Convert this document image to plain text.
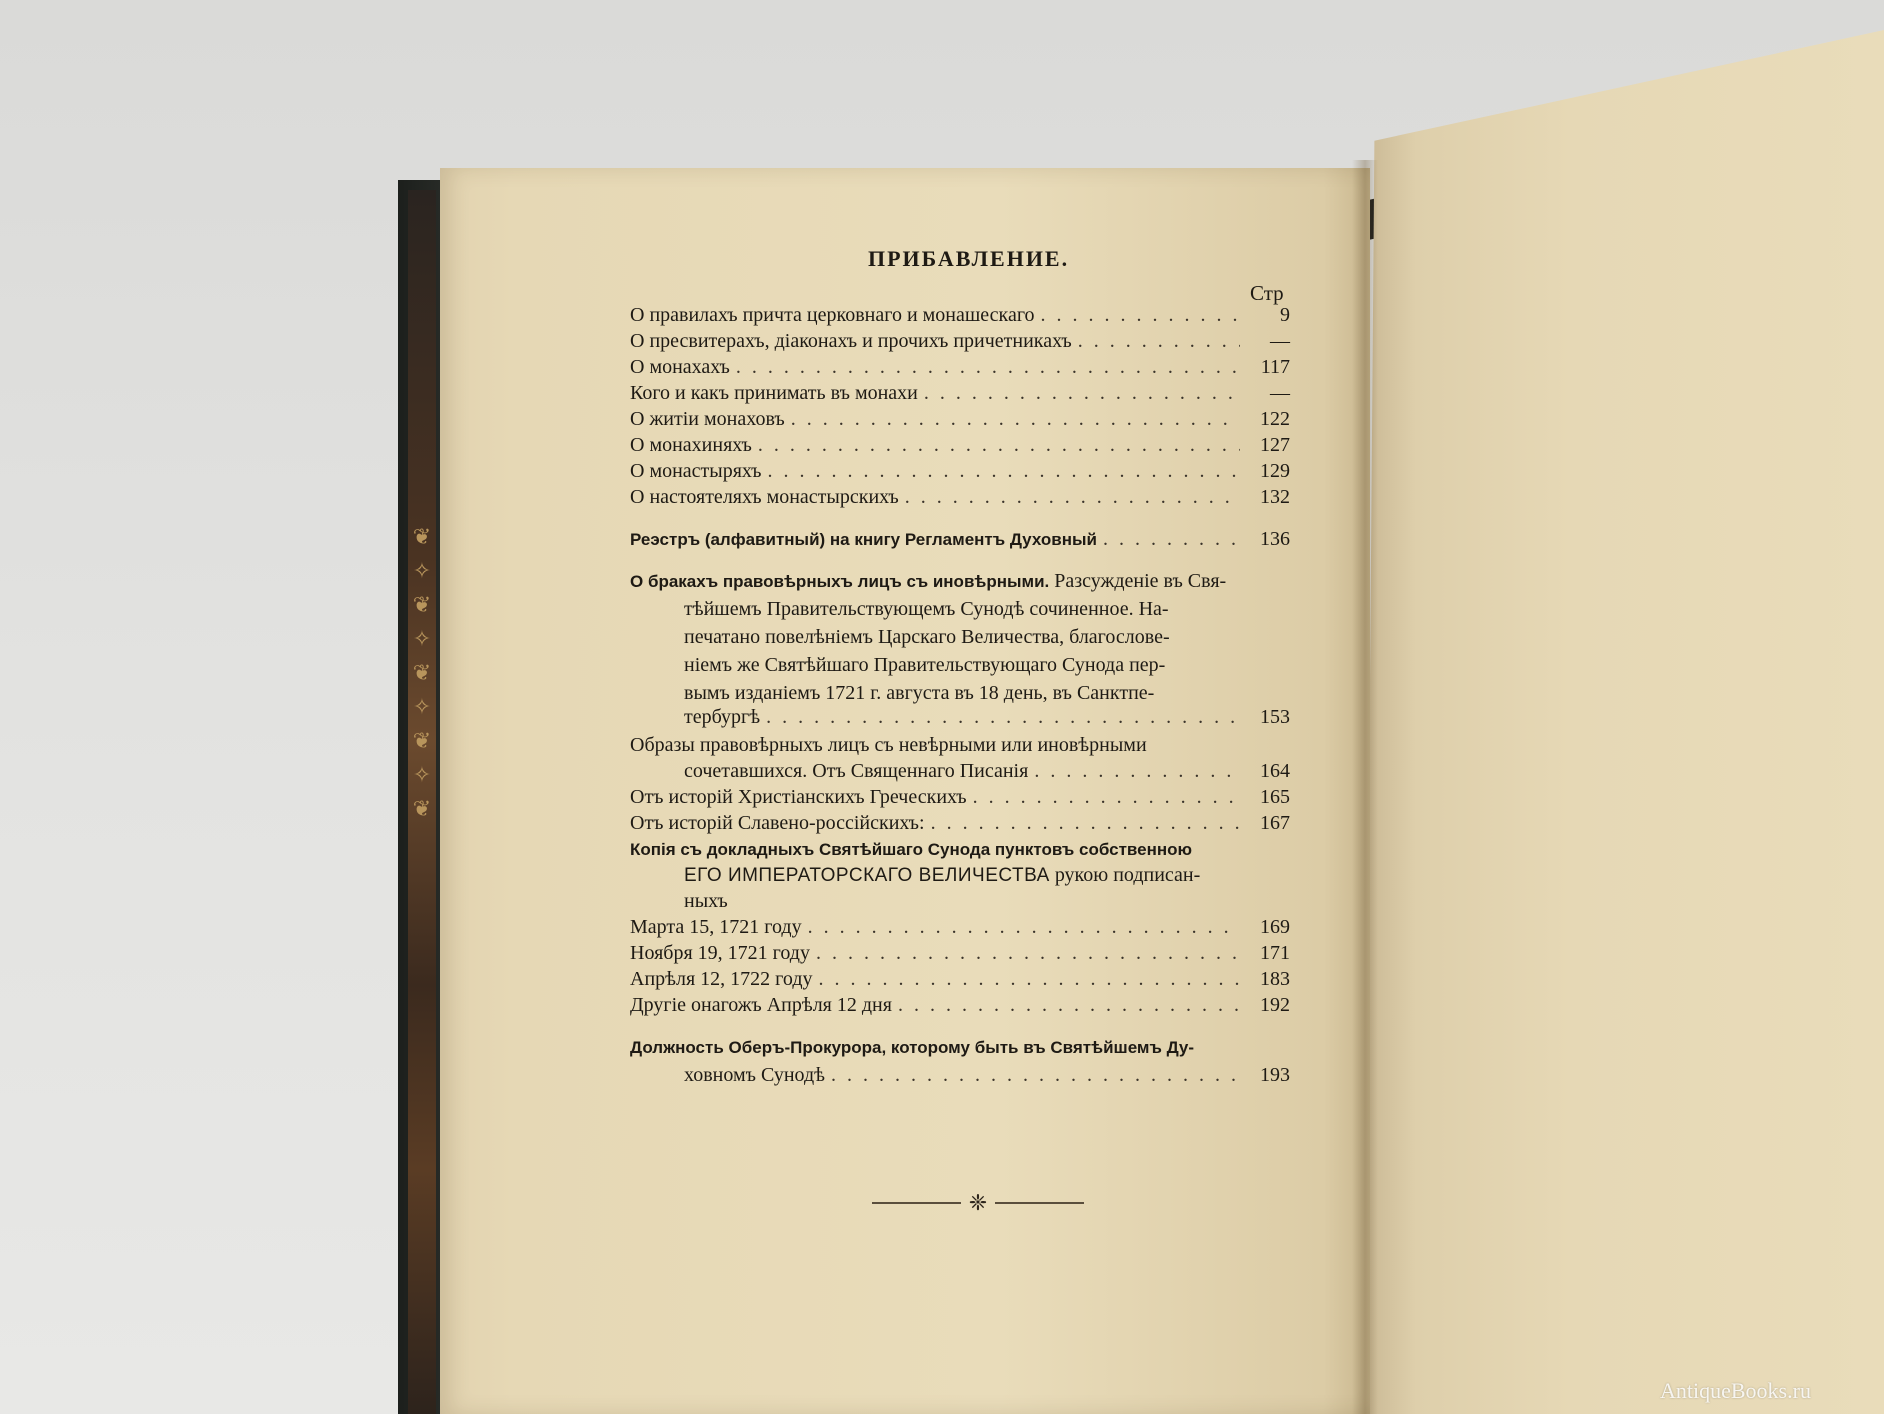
❦ ✧ ❦ ✧ ❦ ✧ ❦ ✧ ❦
ПРИБАВЛЕНИЕ.
Стр
О правилахъ причта церковнаго и монашескаго . . .	9
О пресвитерахъ, діаконахъ и прочихъ причетникахъ . . .	—
О монахахъ . . .	117
Кого и какъ принимать въ монахи . . .	—
О житіи монаховъ . . .	122
О монахиняхъ . . .	127
О монастыряхъ . . .	129
О настоятеляхъ монастырскихъ . . .	132
Реэстръ (алфавитный) на книгу Регламентъ Духовный . . .	136
О бракахъ правовѣрныхъ лицъ съ иновѣрными. Разсужденіе въ Свя-
тѣйшемъ Правительствующемъ Сунодѣ сочиненное. На-
печатано повелѣніемъ Царскаго Величества, благослове-
ніемъ же Святѣйшаго Правительствующаго Сунода пер-
вымъ изданіемъ 1721 г. августа въ 18 день, въ Санктпе-
тербургѣ . . .	153
Образы правовѣрныхъ лицъ съ невѣрными или иновѣрными
сочетавшихся. Отъ Священнаго Писанія . . .	164
Отъ исторій Христіанскихъ Греческихъ . . .	165
Отъ исторій Славено-россійскихъ: . . .	167
Копія съ докладныхъ Святѣйшаго Сунода пунктовъ собственною
ЕГО ИМПЕРАТОРСКАГО ВЕЛИЧЕСТВА рукою подписан-
ныхъ
Марта 15, 1721 году . . .	169
Ноября 19, 1721 году . . .	171
Апрѣля 12, 1722 году . . .	183
Другіе онагожъ Апрѣля 12 дня . . .	192
Должность Оберъ-Прокурора, которому быть въ Святѣйшемъ Ду-
ховномъ Сунодѣ . . .	193
❈
AntiqueBooks.ru
